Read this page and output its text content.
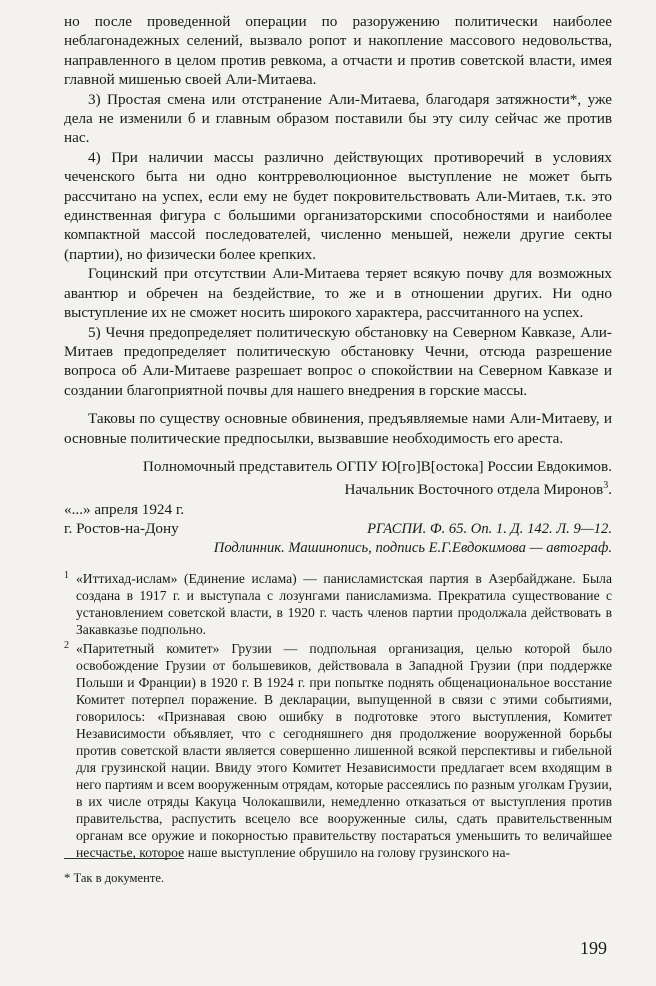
но после проведенной операции по разоружению политически наиболее неблагонадежных селений, вызвало ропот и накопление массового недовольства, направленного в целом против ревкома, а отчасти и против советской власти, имея главной мишенью своей Али-Митаева.

3) Простая смена или отстранение Али-Митаева, благодаря затяжности*, уже дела не изменили б и главным образом поставили бы эту силу сейчас же против нас.

4) При наличии массы различно действующих противоречий в условиях чеченского быта ни одно контрреволюционное выступление не может быть рассчитано на успех, если ему не будет покровительствовать Али-Митаев, т.к. это единственная фигура с большими организаторскими способностями и наиболее компактной массой последователей, численно меньшей, нежели другие секты (партии), но физически более крепких.

Гоцинский при отсутствии Али-Митаева теряет всякую почву для возможных авантюр и обречен на бездействие, то же и в отношении других. Ни одно выступление их не сможет носить широкого характера, рассчитанного на успех.

5) Чечня предопределяет политическую обстановку на Северном Кавказе, Али-Митаев предопределяет политическую обстановку Чечни, отсюда разрешение вопроса об Али-Митаеве разрешает вопрос о спокойствии на Северном Кавказе и создании благоприятной почвы для нашего внедрения в горские массы.

Таковы по существу основные обвинения, предъявляемые нами Али-Митаеву, и основные политические предпосылки, вызвавшие необходимость его ареста.

Полномочный представитель ОГПУ Ю[го]В[остока] России Евдокимов.

Начальник Восточного отдела Миронов$^3$.

«...» апреля 1924 г.

г. Ростов-на-Дону	РГАСПИ. Ф. 65. Оп. 1. Д. 142. Л. 9—12.

Подлинник. Машинопись, подпись Е.Г.Евдокимова — автограф.

1 «Иттихад-ислам» (Единение ислама) — панисламистская партия в Азербайджане. Была создана в 1917 г. и выступала с лозунгами панисламизма. Прекратила существование с установлением советской власти, в 1920 г. часть членов партии продолжала действовать в Закавказье подпольно.

2 «Паритетный комитет» Грузии — подпольная организация, целью которой было освобождение Грузии от большевиков, действовала в Западной Грузии (при поддержке Польши и Франции) в 1920 г. В 1924 г. при попытке поднять общенациональное восстание Комитет потерпел поражение. В декларации, выпущенной в связи с этими событиями, говорилось: «Признавая свою ошибку в подготовке этого выступления, Комитет Независимости объявляет, что с сегодняшнего дня продолжение вооруженной борьбы против советской власти является совершенно лишенной всякой перспективы и гибельной для грузинской нации. Ввиду этого Комитет Независимости предлагает всем входящим в него партиям и всем вооруженным отрядам, которые рассеялись по разным уголкам Грузии, в их числе отряды Какуца Чолокашвили, немедленно отказаться от выступления против правительства, распустить всецело все вооруженные силы, сдать правительственным органам все оружие и покорностью правительству постараться уменьшить то величайшее несчастье, которое наше выступление обрушило на голову грузинского на-

* Так в документе.
199
